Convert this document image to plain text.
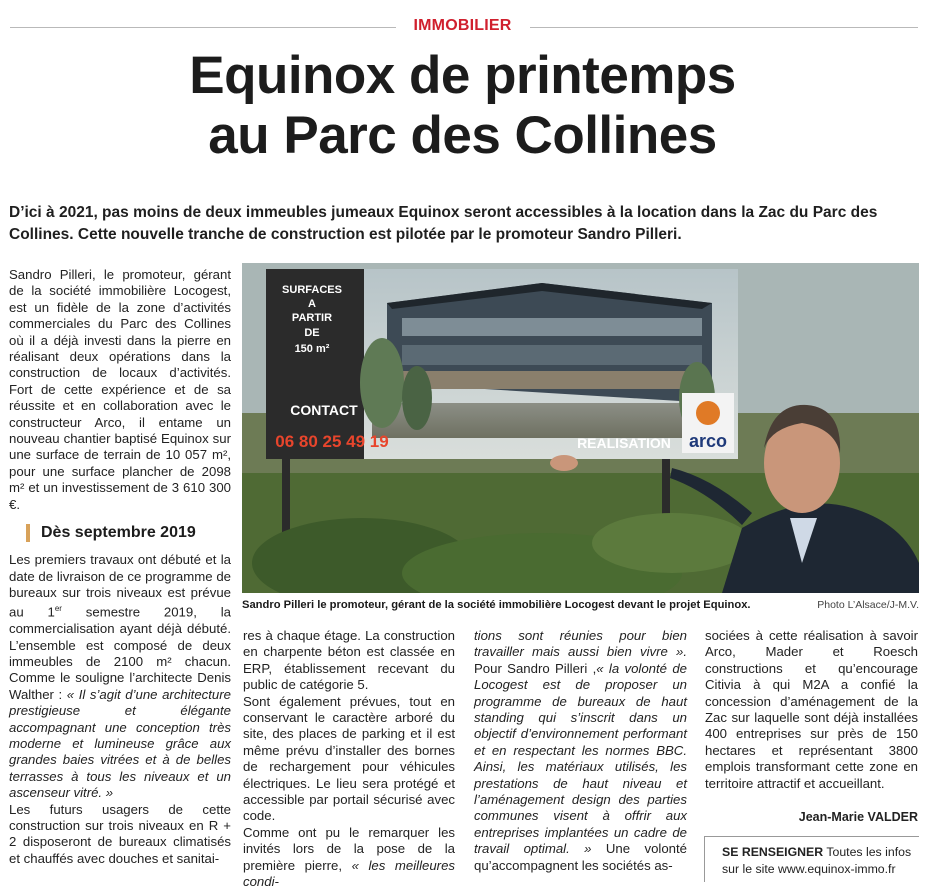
IMMOBILIER
Equinox de printemps
au Parc des Collines

D’ici à 2021, pas moins de deux immeubles jumeaux Equinox seront accessibles à la location dans la Zac du Parc des Collines. Cette nouvelle tranche de construction est pilotée par le promoteur Sandro Pilleri.

Sandro Pilleri, le promoteur, gérant de la société immobilière Locogest, est un fidèle de la zone d’activités commerciales du Parc des Collines où il a déjà investi dans la pierre en réalisant deux opérations dans la construction de locaux d’activités. Fort de cette expérience et de sa réussite et en collaboration avec le constructeur Arco, il entame un nouveau chantier baptisé Equinox sur une surface de terrain de 10 057 m², pour une surface plancher de 2098 m² et un investissement de 3 610 300 €.

Dès septembre 2019

Les premiers travaux ont débuté et la date de livraison de ce programme de bureaux sur trois niveaux est prévue au 1er semestre 2019, la commercialisation ayant déjà débuté. L’ensemble est composé de deux immeubles de 2100 m² chacun. Comme le souligne l’architecte Denis Walther : « Il s’agit d’une architecture prestigieuse et élégante accompagnant une conception très moderne et lumineuse grâce aux grandes baies vitrées et à de belles terrasses à tous les niveaux et un ascenseur vitré. »

Les futurs usagers de cette construction sur trois niveaux en R + 2 disposeront de bureaux climatisés et chauffés avec douches et sanitai-

arco
SURFACES
A
PARTIR
DE
150 m²
CONTACT
06 80 25 49 19	REALISATION
Sandro Pilleri le promoteur, gérant de la société immobilière Locogest devant le projet Equinox.	Photo L’Alsace/J-M.V.

res à chaque étage. La construction en charpente béton est classée en ERP, établissement recevant du public de catégorie 5.

Sont également prévues, tout en conservant le caractère arboré du site, des places de parking et il est même prévu d’installer des bornes de rechargement pour véhicules électriques. Le lieu sera protégé et accessible par portail sécurisé avec code.

Comme ont pu le remarquer les invités lors de la pose de la première pierre, « les meilleures condi-

tions sont réunies pour bien travailler mais aussi bien vivre ». Pour Sandro Pilleri ,« la volonté de Locogest est de proposer un programme de bureaux de haut standing qui s’inscrit dans un objectif d’environnement performant et en respectant les normes BBC. Ainsi, les matériaux utilisés, les prestations de haut niveau et l’aménagement design des parties communes visent à offrir aux entreprises implantées un cadre de travail optimal. » Une volonté qu’accompagnent les sociétés as-

sociées à cette réalisation à savoir Arco, Mader et Roesch constructions et qu’encourage Citivia à qui M2A a confié la concession d’aménagement de la Zac sur laquelle sont déjà installées 400 entreprises sur près de 150 hectares et représentant 3800 emplois transformant cette zone en territoire attractif et accueillant.

Jean-Marie VALDER
SE RENSEIGNER Toutes les infos sur le site www.equinox-immo.fr
